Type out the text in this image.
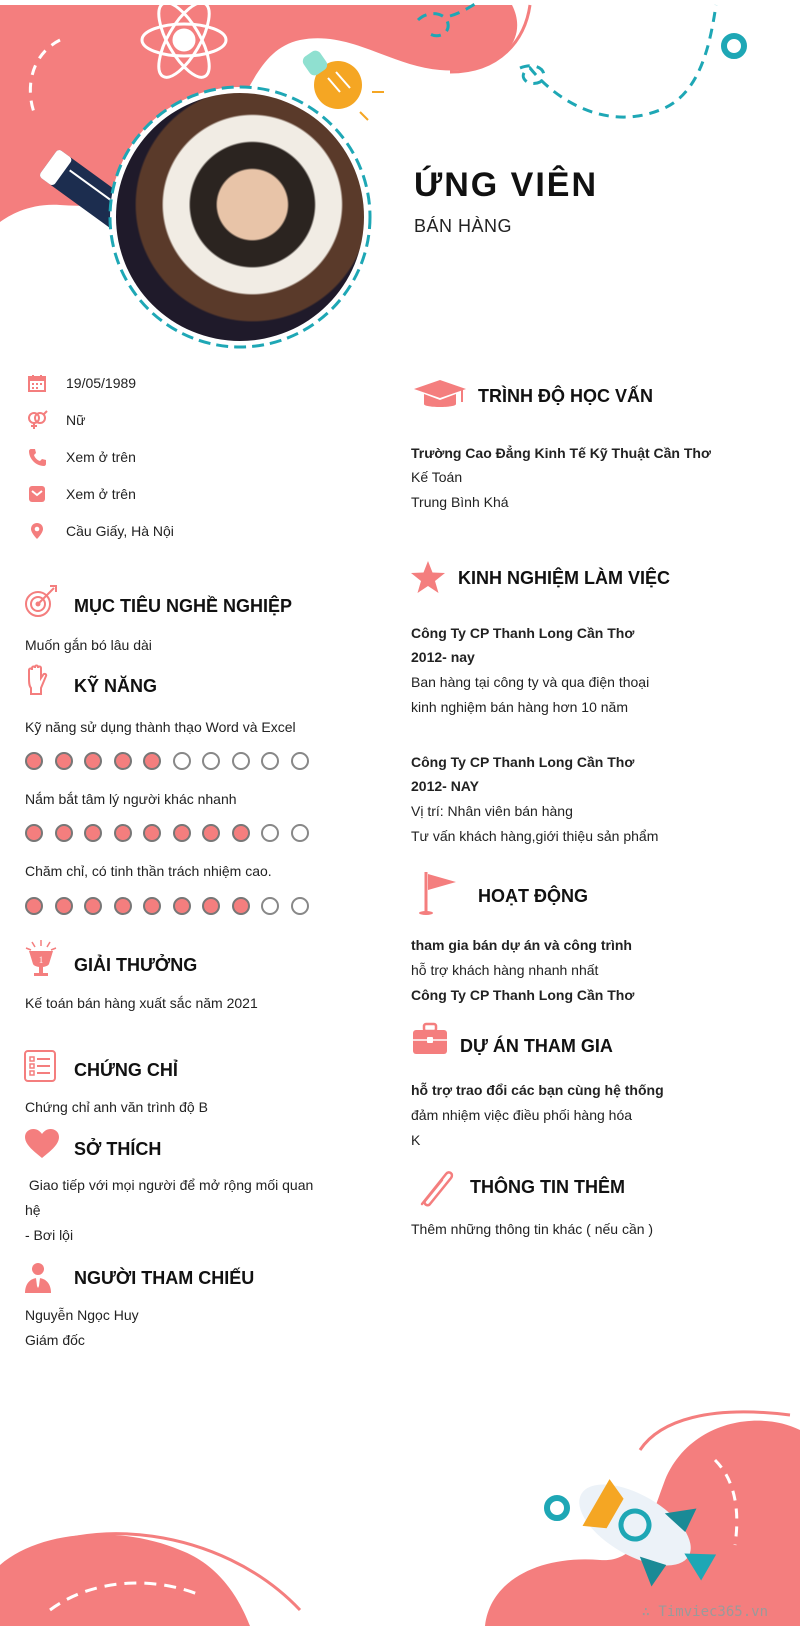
ỨNG VIÊN
BÁN HÀNG
19/05/1989
Nữ
Xem ở trên
Xem ở trên
Cầu Giấy, Hà Nội
MỤC TIÊU NGHỀ NGHIỆP
Muốn gắn bó lâu dài
KỸ NĂNG
Kỹ năng sử dụng thành thạo Word và Excel
Nắm bắt tâm lý người khác nhanh
Chăm chỉ, có tinh thần trách nhiệm cao.
1 GIẢI THƯỞNG
Kế toán bán hàng xuất sắc năm 2021
CHỨNG CHỈ
Chứng chỉ anh văn trình độ B
SỞ THÍCH
Giao tiếp với mọi người để mở rộng mối quan
hệ
- Bơi lội
NGƯỜI THAM CHIẾU
Nguyễn Ngọc Huy
Giám đốc
TRÌNH ĐỘ HỌC VẤN
Trường Cao Đẳng Kinh Tế Kỹ Thuật Cần Thơ
Kế Toán
Trung Bình Khá
KINH NGHIỆM LÀM VIỆC
Công Ty CP Thanh Long Cần Thơ
2012- nay
Ban hàng tại công ty và qua điện thoại
kinh nghiệm bán hàng hơn 10 năm
Công Ty CP Thanh Long Cần Thơ
2012- NAY
Vị trí: Nhân viên bán hàng
Tư vấn khách hàng,giới thiệu sản phẩm
HOẠT ĐỘNG
tham gia bán dự án và công trình
hỗ trợ khách hàng nhanh nhất
Công Ty CP Thanh Long Cần Thơ
DỰ ÁN THAM GIA
hỗ trợ trao đổi các bạn cùng hệ thống
đảm nhiệm việc điều phối hàng hóa
K
THÔNG TIN THÊM
Thêm những thông tin khác ( nếu cần )
∴ Timviec365.vn
